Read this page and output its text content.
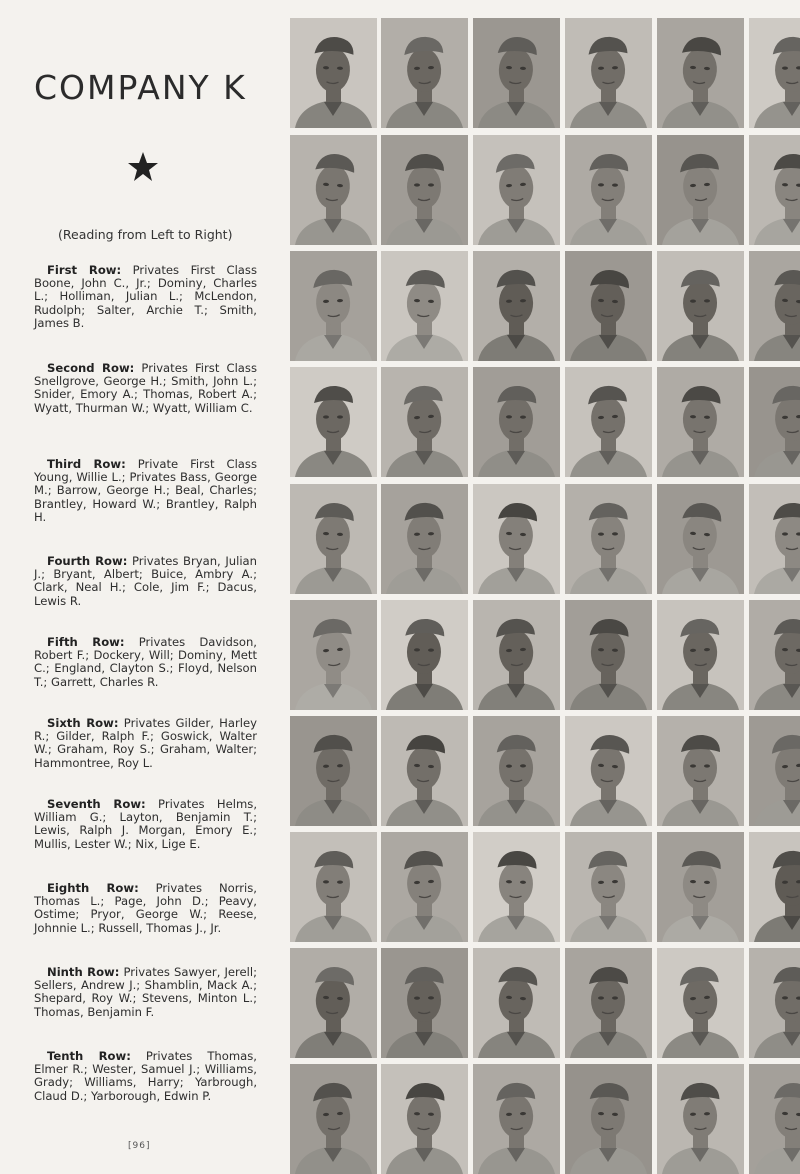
COMPANY K
(Reading from Left to Right)
First Row: Privates First Class Boone, John C., Jr.; Dominy, Charles L.; Holliman, Julian L.; McLendon, Rudolph; Salter, Archie T.; Smith, James B.
Second Row: Privates First Class Snellgrove, George H.; Smith, John L.; Snider, Emory A.; Thomas, Robert A.; Wyatt, Thurman W.; Wyatt, William C.
Third Row: Private First Class Young, Willie L.; Privates Bass, George M.; Barrow, George H.; Beal, Charles; Brantley, Howard W.; Brantley, Ralph H.
Fourth Row: Privates Bryan, Julian J.; Bryant, Albert; Buice, Ambry A.; Clark, Neal H.; Cole, Jim F.; Dacus, Lewis R.
Fifth Row: Privates Davidson, Robert F.; Dockery, Will; Dominy, Mett C.; England, Clayton S.; Floyd, Nelson T.; Garrett, Charles R.
Sixth Row: Privates Gilder, Harley R.; Gilder, Ralph F.; Goswick, Walter W.; Graham, Roy S.; Graham, Walter; Hammontree, Roy L.
Seventh Row: Privates Helms, William G.; Layton, Benjamin T.; Lewis, Ralph J. Morgan, Emory E.; Mullis, Lester W.; Nix, Lige E.
Eighth Row: Privates Norris, Thomas L.; Page, John D.; Peavy, Ostime; Pryor, George W.; Reese, Johnnie L.; Russell, Thomas J., Jr.
Ninth Row: Privates Sawyer, Jerell; Sellers, Andrew J.; Shamblin, Mack A.; Shepard, Roy W.; Stevens, Minton L.; Thomas, Benjamin F.
Tenth Row: Privates Thomas, Elmer R.; Wester, Samuel J.; Williams, Grady; Williams, Harry; Yarbrough, Claud D.; Yarborough, Edwin P.
[96]
